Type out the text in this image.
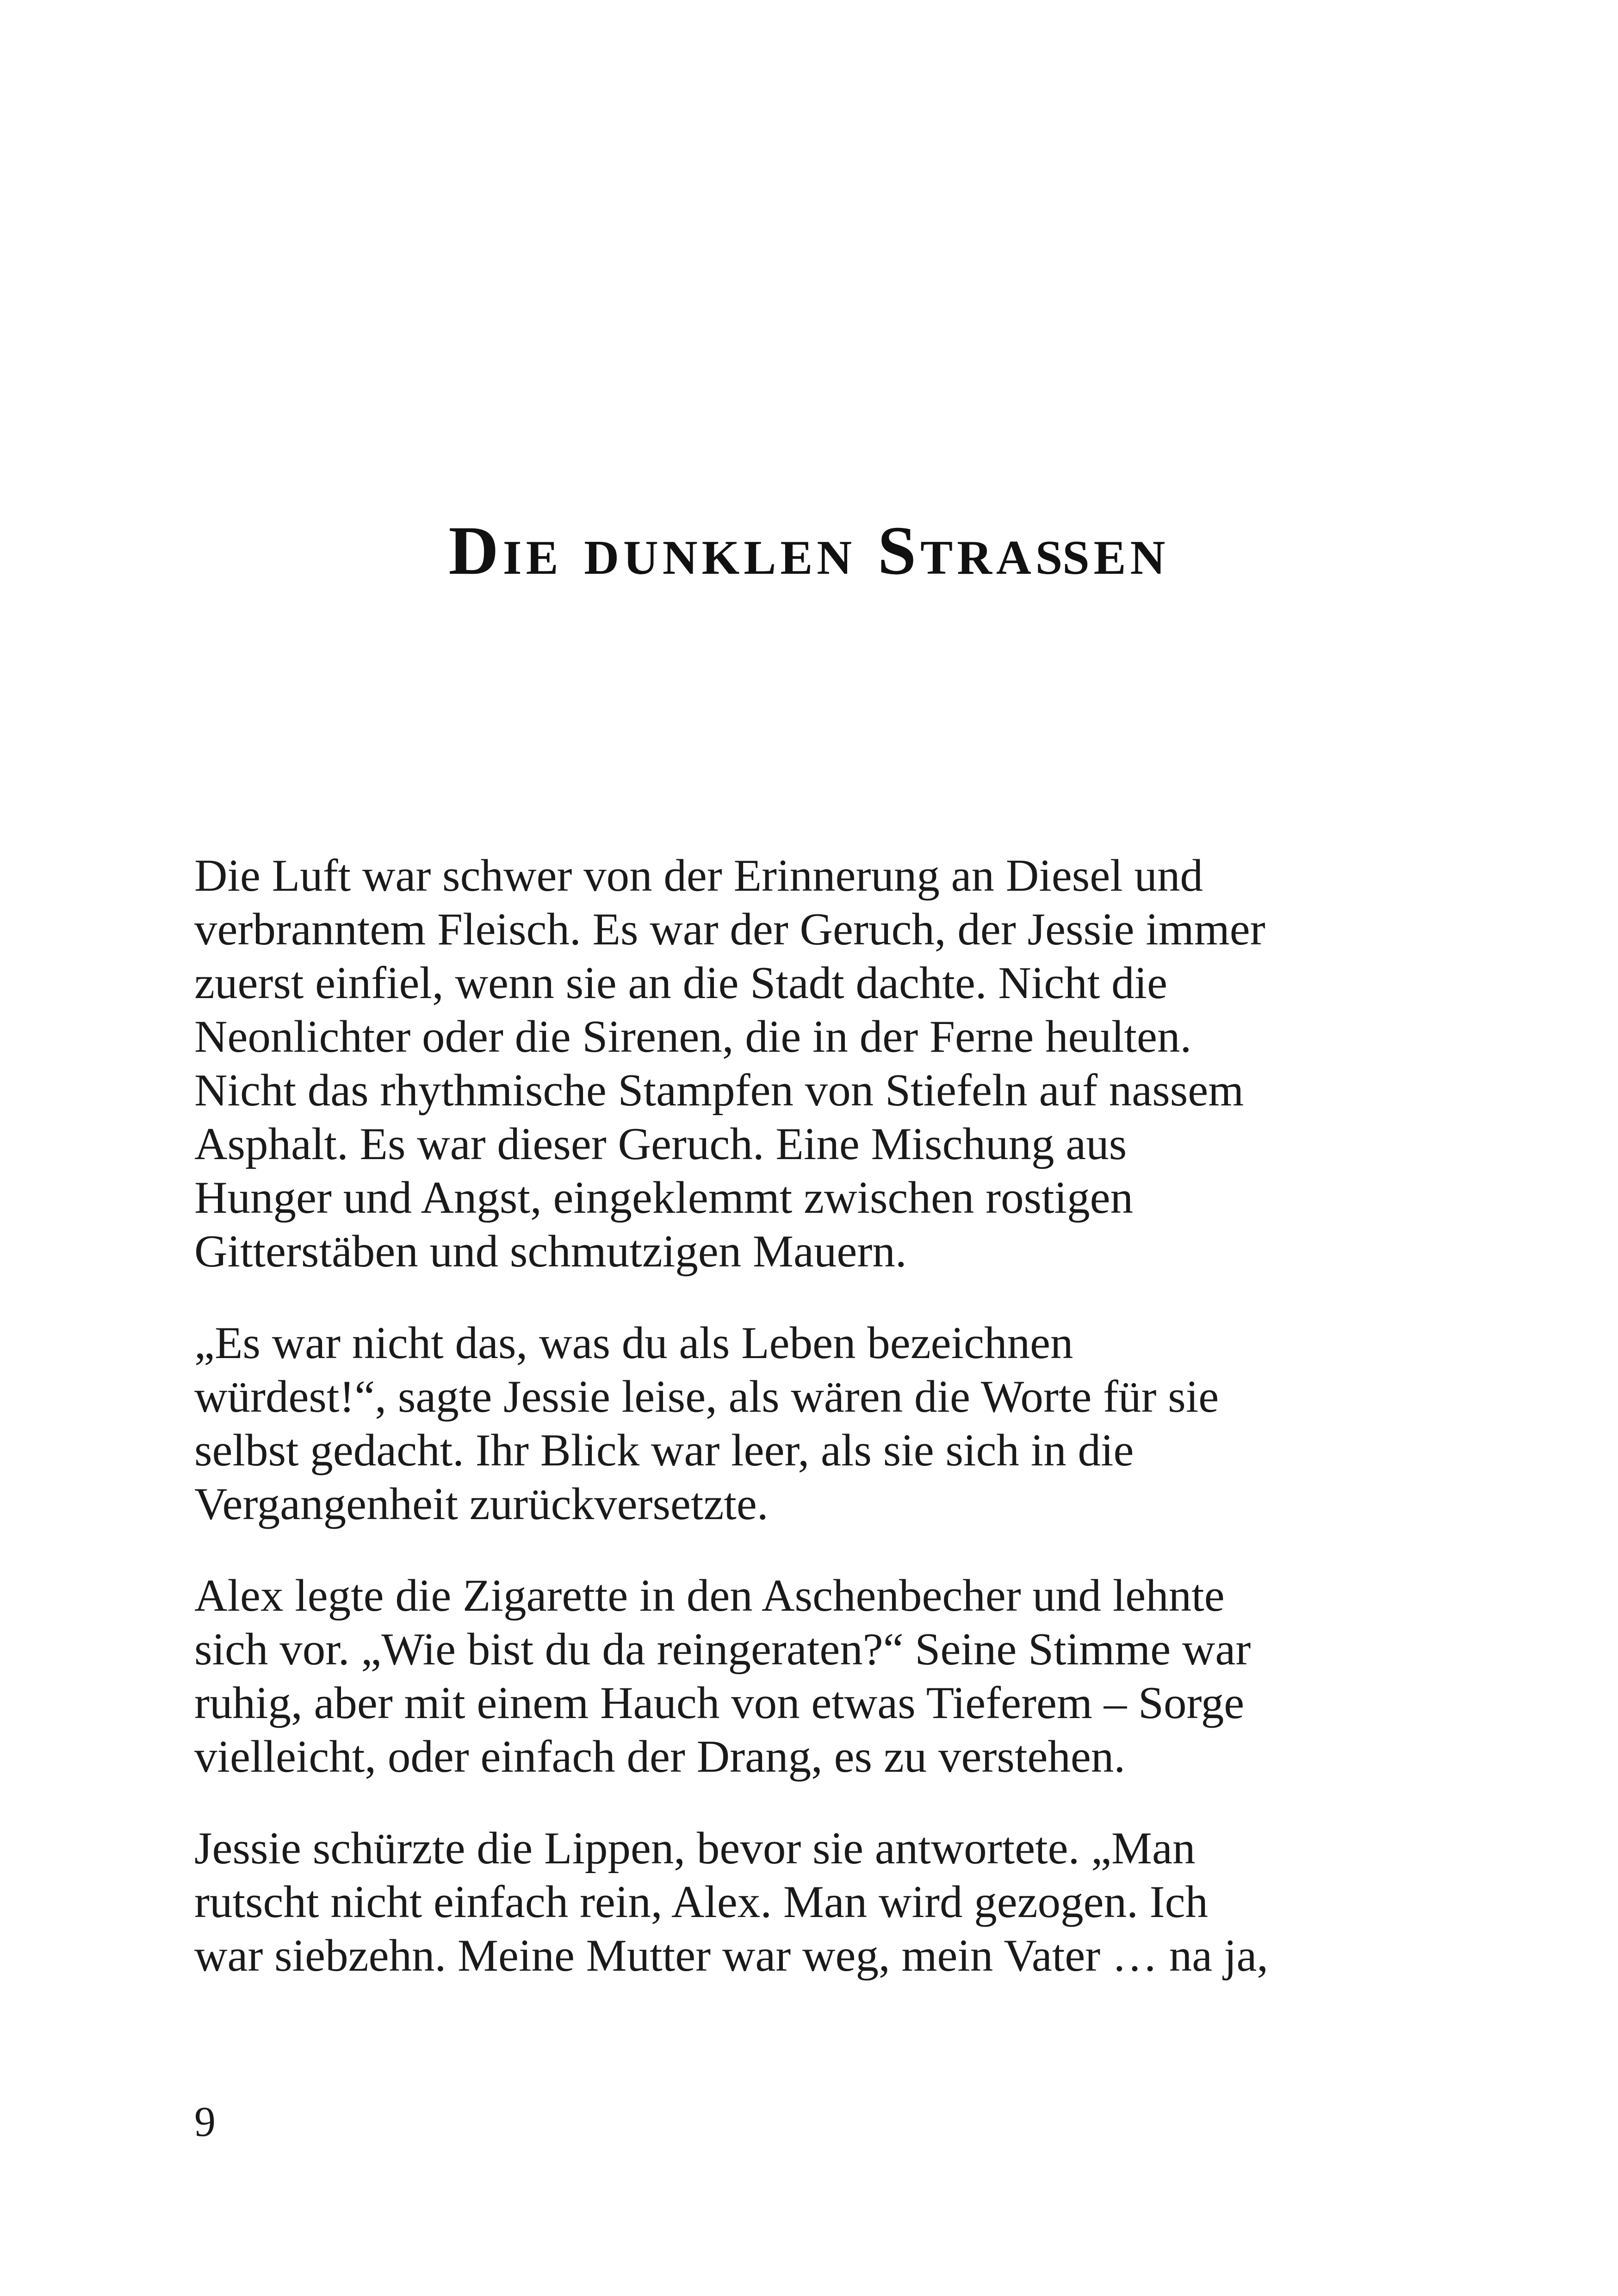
Die dunklen Straßen

Die Luft war schwer von der Erinnerung an Diesel und
verbranntem Fleisch. Es war der Geruch, der Jessie immer
zuerst einfiel, wenn sie an die Stadt dachte. Nicht die
Neonlichter oder die Sirenen, die in der Ferne heulten.
Nicht das rhythmische Stampfen von Stiefeln auf nassem
Asphalt. Es war dieser Geruch. Eine Mischung aus
Hunger und Angst, eingeklemmt zwischen rostigen
Gitterstäben und schmutzigen Mauern.

„Es war nicht das, was du als Leben bezeichnen
würdest!“, sagte Jessie leise, als wären die Worte für sie
selbst gedacht. Ihr Blick war leer, als sie sich in die
Vergangenheit zurückversetzte.

Alex legte die Zigarette in den Aschenbecher und lehnte
sich vor. „Wie bist du da reingeraten?“ Seine Stimme war
ruhig, aber mit einem Hauch von etwas Tieferem – Sorge
vielleicht, oder einfach der Drang, es zu verstehen.

Jessie schürzte die Lippen, bevor sie antwortete. „Man
rutscht nicht einfach rein, Alex. Man wird gezogen. Ich
war siebzehn. Meine Mutter war weg, mein Vater … na ja,

9
